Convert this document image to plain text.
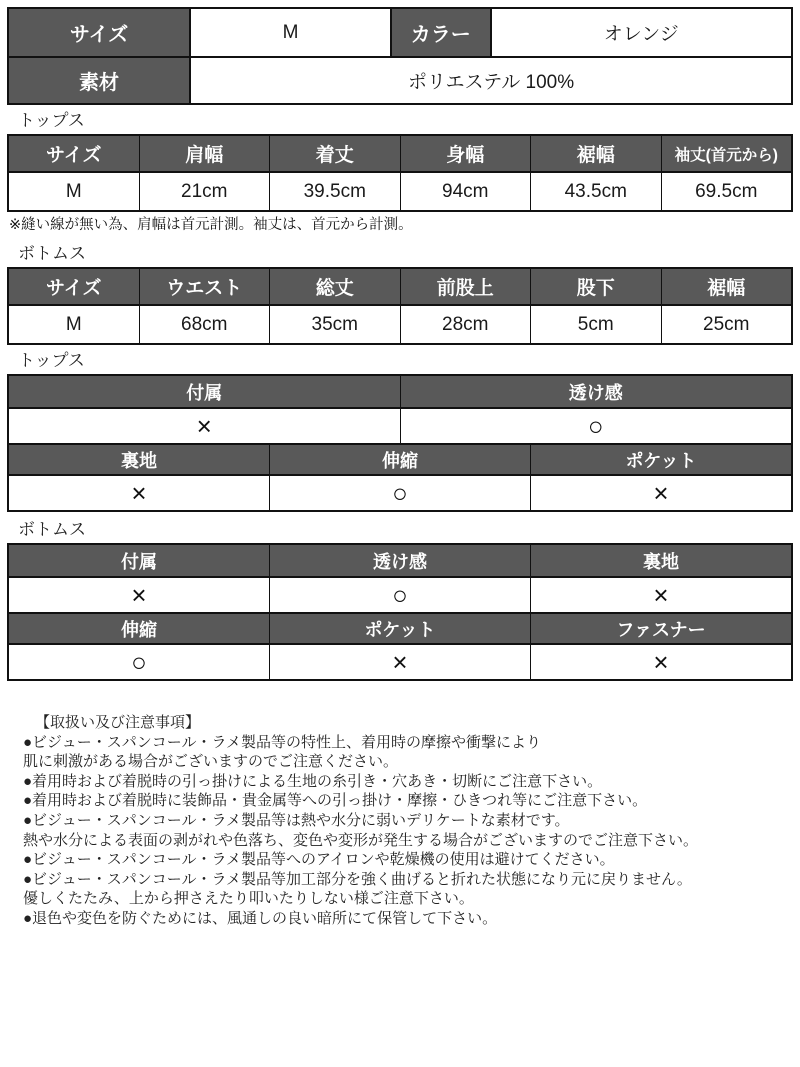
サイズ	M	カラー	オレンジ
素材	ポリエステル 100%
トップス
サイズ	肩幅	着丈	身幅	裾幅	袖丈(首元から)
M	21cm	39.5cm	94cm	43.5cm	69.5cm
※縫い線が無い為、肩幅は首元計測。袖丈は、首元から計測。
ボトムス
サイズ	ウエスト	総丈	前股上	股下	裾幅
M	68cm	35cm	28cm	5cm	25cm
トップス
付属	透け感
×	○
裏地	伸縮	ポケット
×	○	×
ボトムス
付属	透け感	裏地
×	○	×
伸縮	ポケット	ファスナー
○	×	×
【取扱い及び注意事項】
●ビジュー・スパンコール・ラメ製品等の特性上、着用時の摩擦や衝撃により
肌に刺激がある場合がございますのでご注意ください。
●着用時および着脱時の引っ掛けによる生地の糸引き・穴あき・切断にご注意下さい。
●着用時および着脱時に装飾品・貴金属等への引っ掛け・摩擦・ひきつれ等にご注意下さい。
●ビジュー・スパンコール・ラメ製品等は熱や水分に弱いデリケートな素材です。
熱や水分による表面の剥がれや色落ち、変色や変形が発生する場合がございますのでご注意下さい。
●ビジュー・スパンコール・ラメ製品等へのアイロンや乾燥機の使用は避けてください。
●ビジュー・スパンコール・ラメ製品等加工部分を強く曲げると折れた状態になり元に戻りません。
優しくたたみ、上から押さえたり叩いたりしない様ご注意下さい。
●退色や変色を防ぐためには、風通しの良い暗所にて保管して下さい。
